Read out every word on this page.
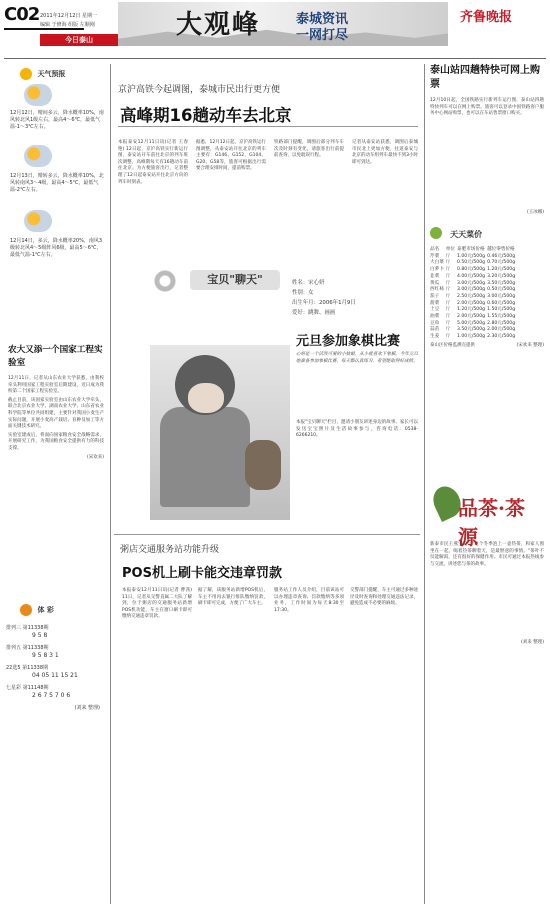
C02 2011年12月12日 星期一
编辑 于修海 组版 左顺刚
今日泰山	大观峰	泰城资讯
一网打尽
齐鲁晚报
天气预报
12月12日，晴间多云，降水概率10%，南风转北风1级左右，最高4～6℃，最低气温-1～3℃左右。
12月13日，晴转多云，降水概率10%，北风转南风3～4级，最高4～5℃，最低气温-2℃左右。
12月14日，多云，降水概率20%，南风3级转北风4～5级阵风6级，最高5～6℃，最低气温-1℃左右。
农大又添一个国家工程实验室

12月11日，记者从山东农业大学获悉，由我校牵头利用国家工程实验室后期建设，近日成为我校第二个国家工程实验室。

截止目前，该国家实验室由山东农业大学牵头，联合北京农业大学、湖南农业大学、山东省农业科学院等单位共同组建，主要针对我国小麦生产实际问题，开展小麦高产栽培、育种及加工等方面关键技术研究。

实验室建成后，将面向国家粮食安全战略需求，开展研究工作，为我国粮食安全提供有力的科技支撑。

(宋欢来)
体 彩
排列三 第11338期
9 5 8
排列五 第11338期
9 5 8 3 1
22选5 第11338期
04 05 11 15 21
七星彩 第11148期
2 6 7 5 7 0 6
(刘来 整理)
京沪高铁今起调图，泰城市民出行更方便
高峰期16趟动车去北京
本报泰安12月11日讯(记者 王春艳) 12日起，京沪高铁实行新运行图，泰安站开车前往北京的列车班次调整，高峰期每天有16趟动车前往北京。为方便旅客出行，记者整理了12日起泰安站开往北京方向的列车时刻表。
据悉，12月12日起，京沪高铁运行图调整，从泰安站开往北京的列车主要有：G146、G152、G104、G20、G58等，旅客可根据出行需要合理安排时间，提前购票。
铁路部门提醒，调图后部分列车车次及时刻有变化，请旅客出行前提前查询，以免耽误行程。
记者从泰安站获悉，调图后泰城市民北上更加方便，往返泰安与北京的动车组列车最快不到3小时即可到达。
宝贝"聊天"	姓名：宋心妍
性别：女
出生年月：2006年1月9日
爱好：跳舞、画画
元旦参加象棋比赛
心妍是一个活泼可爱的小姑娘，从小就喜欢下象棋。今年元旦她准备参加象棋比赛，每天都认真练习，希望能取得好成绩。
本报"宝贝聊天"栏目，邀请小朋友讲述身边的故事。家长可以发送宝宝照片及生活故事参与，咨询电话：0538-6266210。
粥店交通服务站功能升级
POS机上刷卡能交违章罚款
本报泰安12月11日讯(记者 曹茜) 11日，记者从交警直属二大队了解到，位于粥店的交通服务站新增POS机功能，车主在窗口刷卡即可缴纳交通违章罚款。
据了解，该服务站新增POS机后，车主不用再去银行排队缴纳罚款，刷卡即可完成，方便了广大车主。
服务站工作人员介绍，目前该站可以办理违章查询、罚款缴纳等多项业务，工作时间为每天8:30至17:30。
交警部门提醒，车主可通过多种途径及时查询和处理交通违法记录，避免造成不必要的麻烦。
泰山站四趟特快可网上购票
12月10日起，全国铁路实行新列车运行图，泰山站四趟特快列车可以在网上购票。旅客可以登录中国铁路客户服务中心网站购票，也可以在车站售票窗口购买。
(王冰娜)
天天菜价
品名	单位	泰肥市场价格	越位零售价格
芹菜	斤	1.00元/500g	0.46元/500g
大白菜	斤	0.50元/500g	0.70元/500g
白萝卜	斤	0.80元/500g	1.20元/500g
韭菜	斤	4.00元/500g	3.20元/500g
黄瓜	斤	3.00元/500g	3.50元/500g
西红柿	斤	3.00元/500g	0.50元/500g
茄子	斤	2.50元/500g	3.00元/500g
菠菜	斤	2.00元/500g	0.60元/500g
土豆	斤	1.20元/500g	1.50元/500g
油菜	斤	2.00元/500g	1.55元/500g
豆角	斤	5.00元/500g	2.80元/500g
蒜苗	斤	3.50元/500g	2.00元/500g
生姜	斤	1.00元/500g	2.30元/500g
泰山区价格监测点提供	(宋欢来 整理)
品茶·茶源
新泰市民王燕生说："这个冬季泡上一壶热茶，和家人围坐在一起，喝着热茶聊着天，是最惬意的事情。"茶叶不仅能解渴，还有很好的保健作用。市民可通过本报热线参与交流，讲述您与茶的故事。
(刘来 整理)
